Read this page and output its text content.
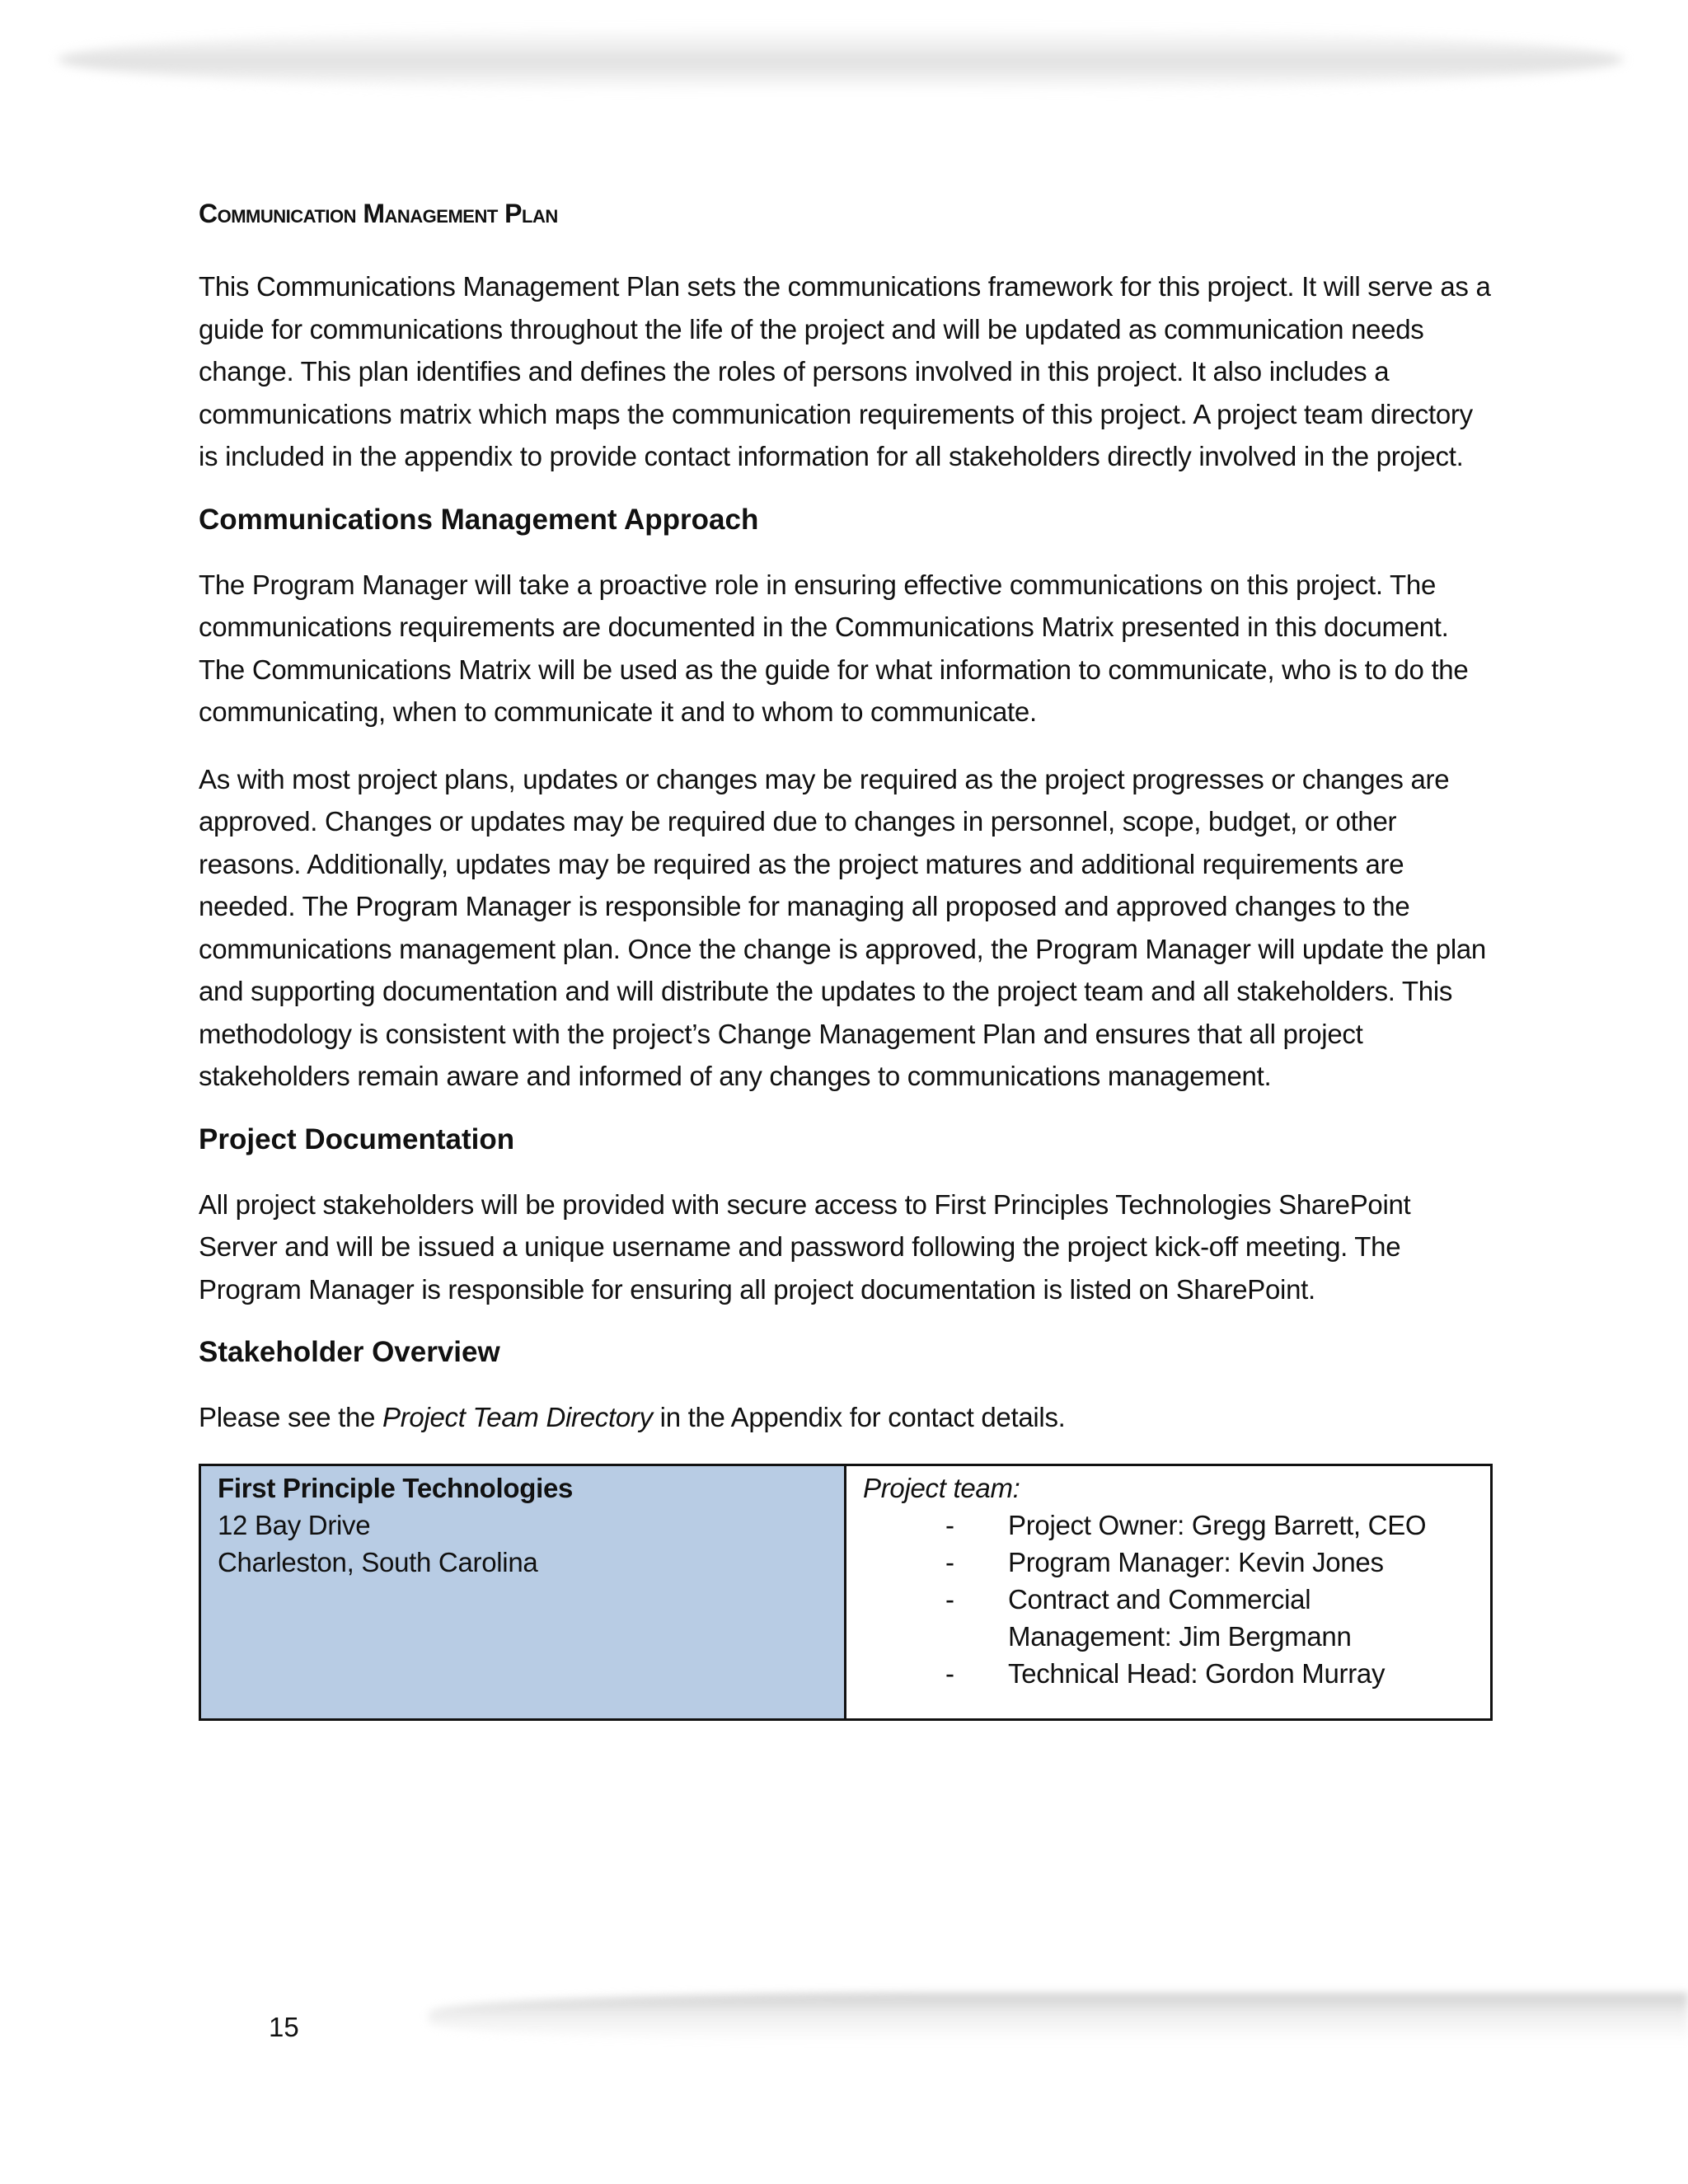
Communication Management Plan

This Communications Management Plan sets the communications framework for this project. It will serve as a guide for communications throughout the life of the project and will be updated as communication needs change. This plan identifies and defines the roles of persons involved in this project. It also includes a communications matrix which maps the communication requirements of this project. A project team directory is included in the appendix to provide contact information for all stakeholders directly involved in the project.

Communications Management Approach

The Program Manager will take a proactive role in ensuring effective communications on this project. The communications requirements are documented in the Communications Matrix presented in this document. The Communications Matrix will be used as the guide for what information to communicate, who is to do the communicating, when to communicate it and to whom to communicate.

As with most project plans, updates or changes may be required as the project progresses or changes are approved. Changes or updates may be required due to changes in personnel, scope, budget, or other reasons. Additionally, updates may be required as the project matures and additional requirements are needed. The Program Manager is responsible for managing all proposed and approved changes to the communications management plan. Once the change is approved, the Program Manager will update the plan and supporting documentation and will distribute the updates to the project team and all stakeholders. This methodology is consistent with the project’s Change Management Plan and ensures that all project stakeholders remain aware and informed of any changes to communications management.

Project Documentation

All project stakeholders will be provided with secure access to First Principles Technologies SharePoint Server and will be issued a unique username and password following the project kick-off meeting. The Program Manager is responsible for ensuring all project documentation is listed on SharePoint.

Stakeholder Overview

Please see the Project Team Directory in the Appendix for contact details.

First Principle Technologies
12 Bay Drive
Charleston, South Carolina

Project team:
- Project Owner: Gregg Barrett, CEO
- Program Manager: Kevin Jones
- Contract and Commercial Management: Jim Bergmann
- Technical Head: Gordon Murray
15
